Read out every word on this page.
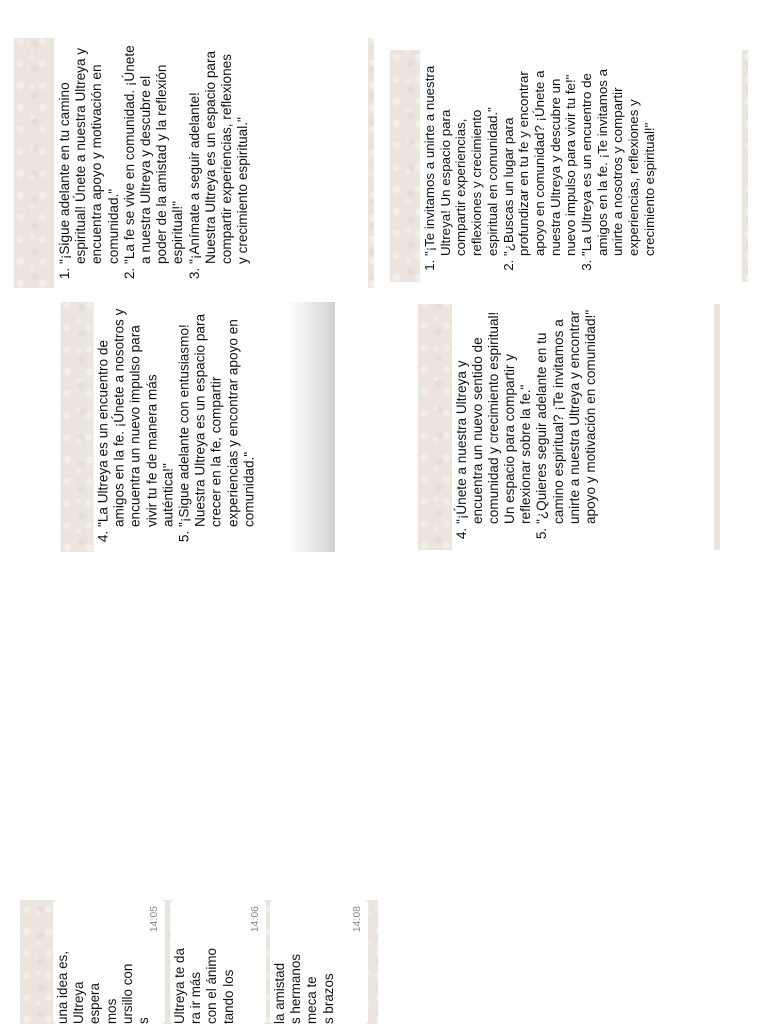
1. "¡Sigue adelante en tu camino espiritual! Únete a nuestra Ultreya y encuentra apoyo y motivación en comunidad." 2. "La fe se vive en comunidad. ¡Únete a nuestra Ultreya y descubre el poder de la amistad y la reflexión espiritual!" 3. "¡Anímate a seguir adelante! Nuestra Ultreya es un espacio para compartir experiencias, reflexiones y crecimiento espiritual."
4. "La Ultreya es un encuentro de amigos en la fe. ¡Únete a nosotros y encuentra un nuevo impulso para vivir tu fe de manera más auténtica!" 5. "¡Sigue adelante con entusiasmo! Nuestra Ultreya es un espacio para crecer en la fe, compartir experiencias y encontrar apoyo en comunidad."
1. "¡Te invitamos a unirte a nuestra Ultreya! Un espacio para compartir experiencias, reflexiones y crecimiento espiritual en comunidad." 2. "¿Buscas un lugar para profundizar en tu fe y encontrar apoyo en comunidad? ¡Únete a nuestra Ultreya y descubre un nuevo impulso para vivir tu fe!" 3. "La Ultreya es un encuentro de amigos en la fe. ¡Te invitamos a unirte a nosotros y compartir experiencias, reflexiones y crecimiento espiritual!"
4. "¡Únete a nuestra Ultreya y encuentra un nuevo sentido de comunidad y crecimiento espiritual! Un espacio para compartir y reflexionar sobre la fe." 5. "¿Quieres seguir adelante en tu camino espiritual? ¡Te invitamos a unirte a nuestra Ultreya y encontrar apoyo y motivación en comunidad!"
una idea es,
Ultreya
espera
mos
ursillo con
s
14:05
Ultreya te da
ra ir más
con el ánimo
tando los
14:06
la amistad
s hermanos
meca te
s brazos
14:08
